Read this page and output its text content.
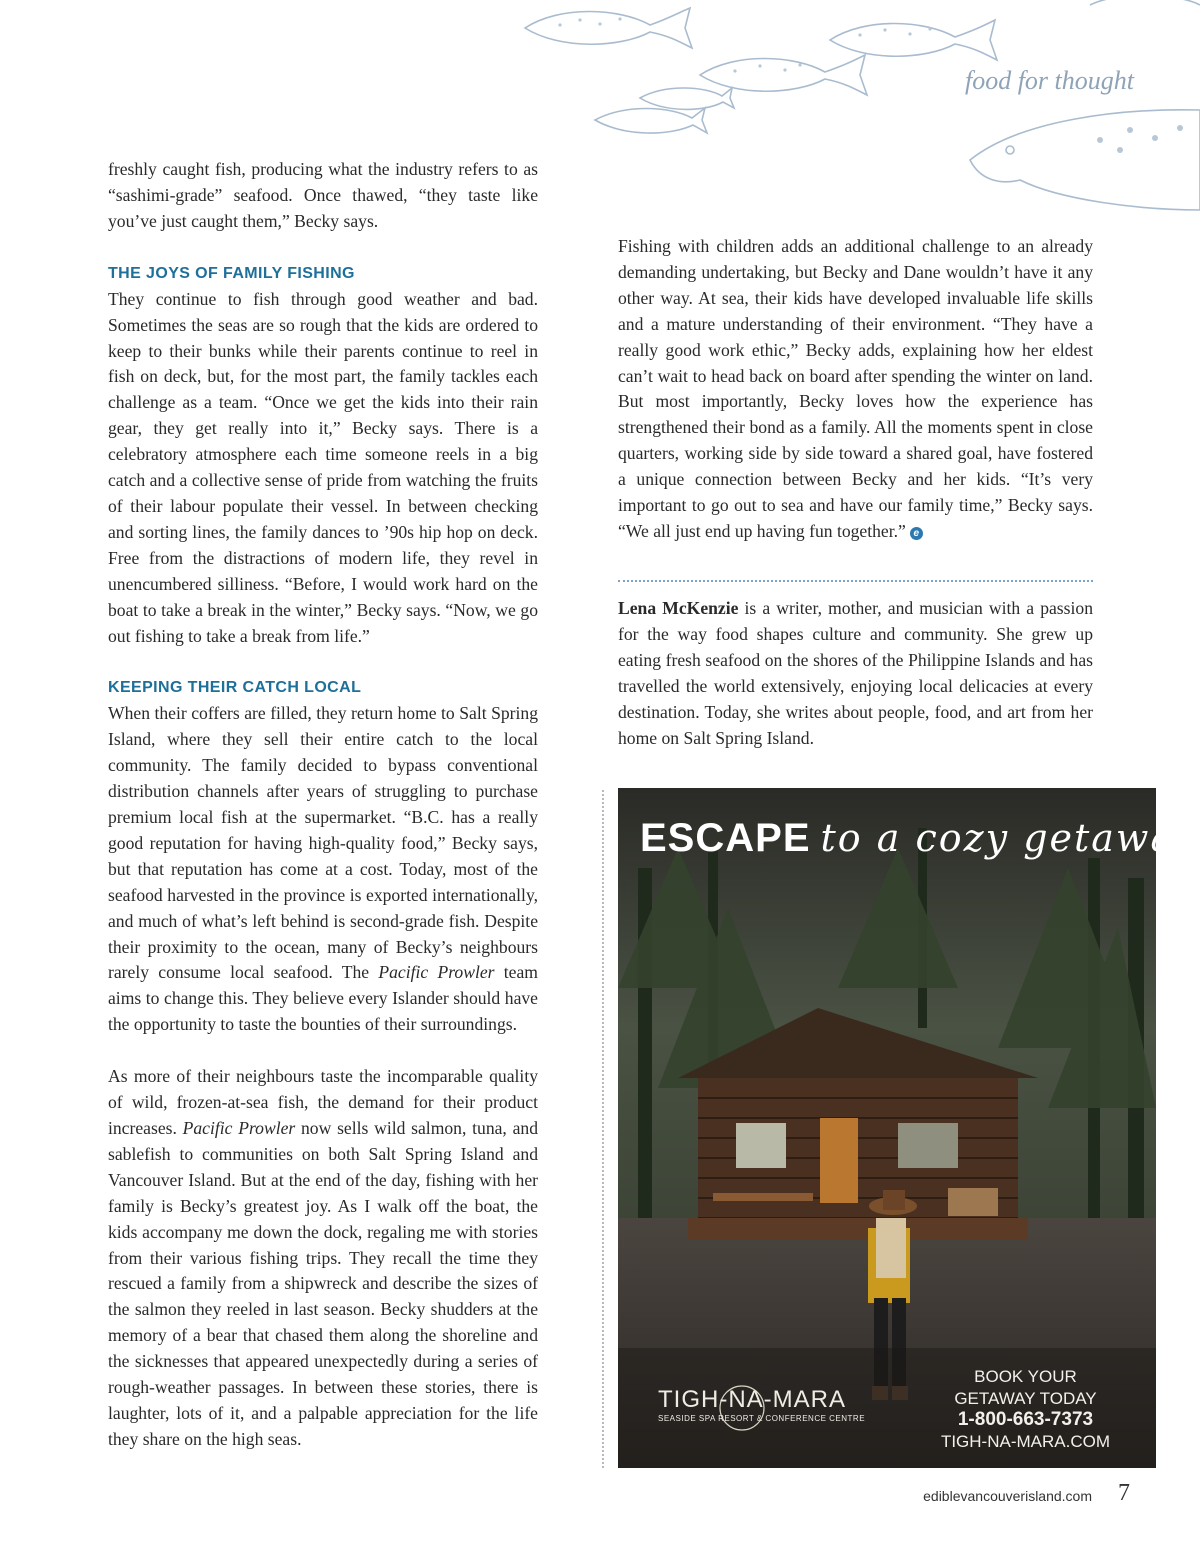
food for thought

freshly caught fish, producing what the industry refers to as “sashimi-grade” seafood. Once thawed, “they taste like you’ve just caught them,” Becky says.

THE JOYS OF FAMILY FISHING

They continue to fish through good weather and bad. Sometimes the seas are so rough that the kids are ordered to keep to their bunks while their parents continue to reel in fish on deck, but, for the most part, the family tackles each challenge as a team. “Once we get the kids into their rain gear, they get really into it,” Becky says. There is a celebratory atmosphere each time someone reels in a big catch and a collective sense of pride from watching the fruits of their labour populate their vessel. In between checking and sorting lines, the family dances to ’90s hip hop on deck. Free from the distractions of modern life, they revel in unencumbered silliness. “Before, I would work hard on the boat to take a break in the winter,” Becky says. “Now, we go out fishing to take a break from life.”

KEEPING THEIR CATCH LOCAL

When their coffers are filled, they return home to Salt Spring Island, where they sell their entire catch to the local community. The family decided to bypass conventional distribution channels after years of struggling to purchase premium local fish at the supermarket. “B.C. has a really good reputation for having high-quality food,” Becky says, but that reputation has come at a cost. Today, most of the seafood harvested in the province is exported internationally, and much of what’s left behind is second-grade fish. Despite their proximity to the ocean, many of Becky’s neighbours rarely consume local seafood. The Pacific Prowler team aims to change this. They believe every Islander should have the opportunity to taste the bounties of their surroundings.

As more of their neighbours taste the incomparable quality of wild, frozen-at-sea fish, the demand for their product increases. Pacific Prowler now sells wild salmon, tuna, and sablefish to communities on both Salt Spring Island and Vancouver Island. But at the end of the day, fishing with her family is Becky’s greatest joy. As I walk off the boat, the kids accompany me down the dock, regaling me with stories from their various fishing trips. They recall the time they rescued a family from a shipwreck and describe the sizes of the salmon they reeled in last season. Becky shudders at the memory of a bear that chased them along the shoreline and the sicknesses that appeared unexpectedly during a series of rough-weather passages. In between these stories, there is laughter, lots of it, and a palpable appreciation for the life they share on the high seas.

Fishing with children adds an additional challenge to an already demanding undertaking, but Becky and Dane wouldn’t have it any other way. At sea, their kids have developed invaluable life skills and a mature understanding of their environment. “They have a really good work ethic,” Becky adds, explaining how her eldest can’t wait to head back on board after spending the winter on land. But most importantly, Becky loves how the experience has strengthened their bond as a family. All the moments spent in close quarters, working side by side toward a shared goal, have fostered a unique connection between Becky and her kids. “It’s very important to go out to sea and have our family time,” Becky says. “We all just end up having fun together.” e

Lena McKenzie is a writer, mother, and musician with a passion for the way food shapes culture and community. She grew up eating fresh seafood on the shores of the Philippine Islands and has travelled the world extensively, enjoying local delicacies at every destination. Today, she writes about people, food, and art from her home on Salt Spring Island.

ESCAPE to a cozy getaway
TIGH-NA-MARA
SEASIDE SPA RESORT & CONFERENCE CENTRE
BOOK YOUR
GETAWAY TODAY
1-800-663-7373
TIGH-NA-MARA.COM
ediblevancouverisland.com 7
